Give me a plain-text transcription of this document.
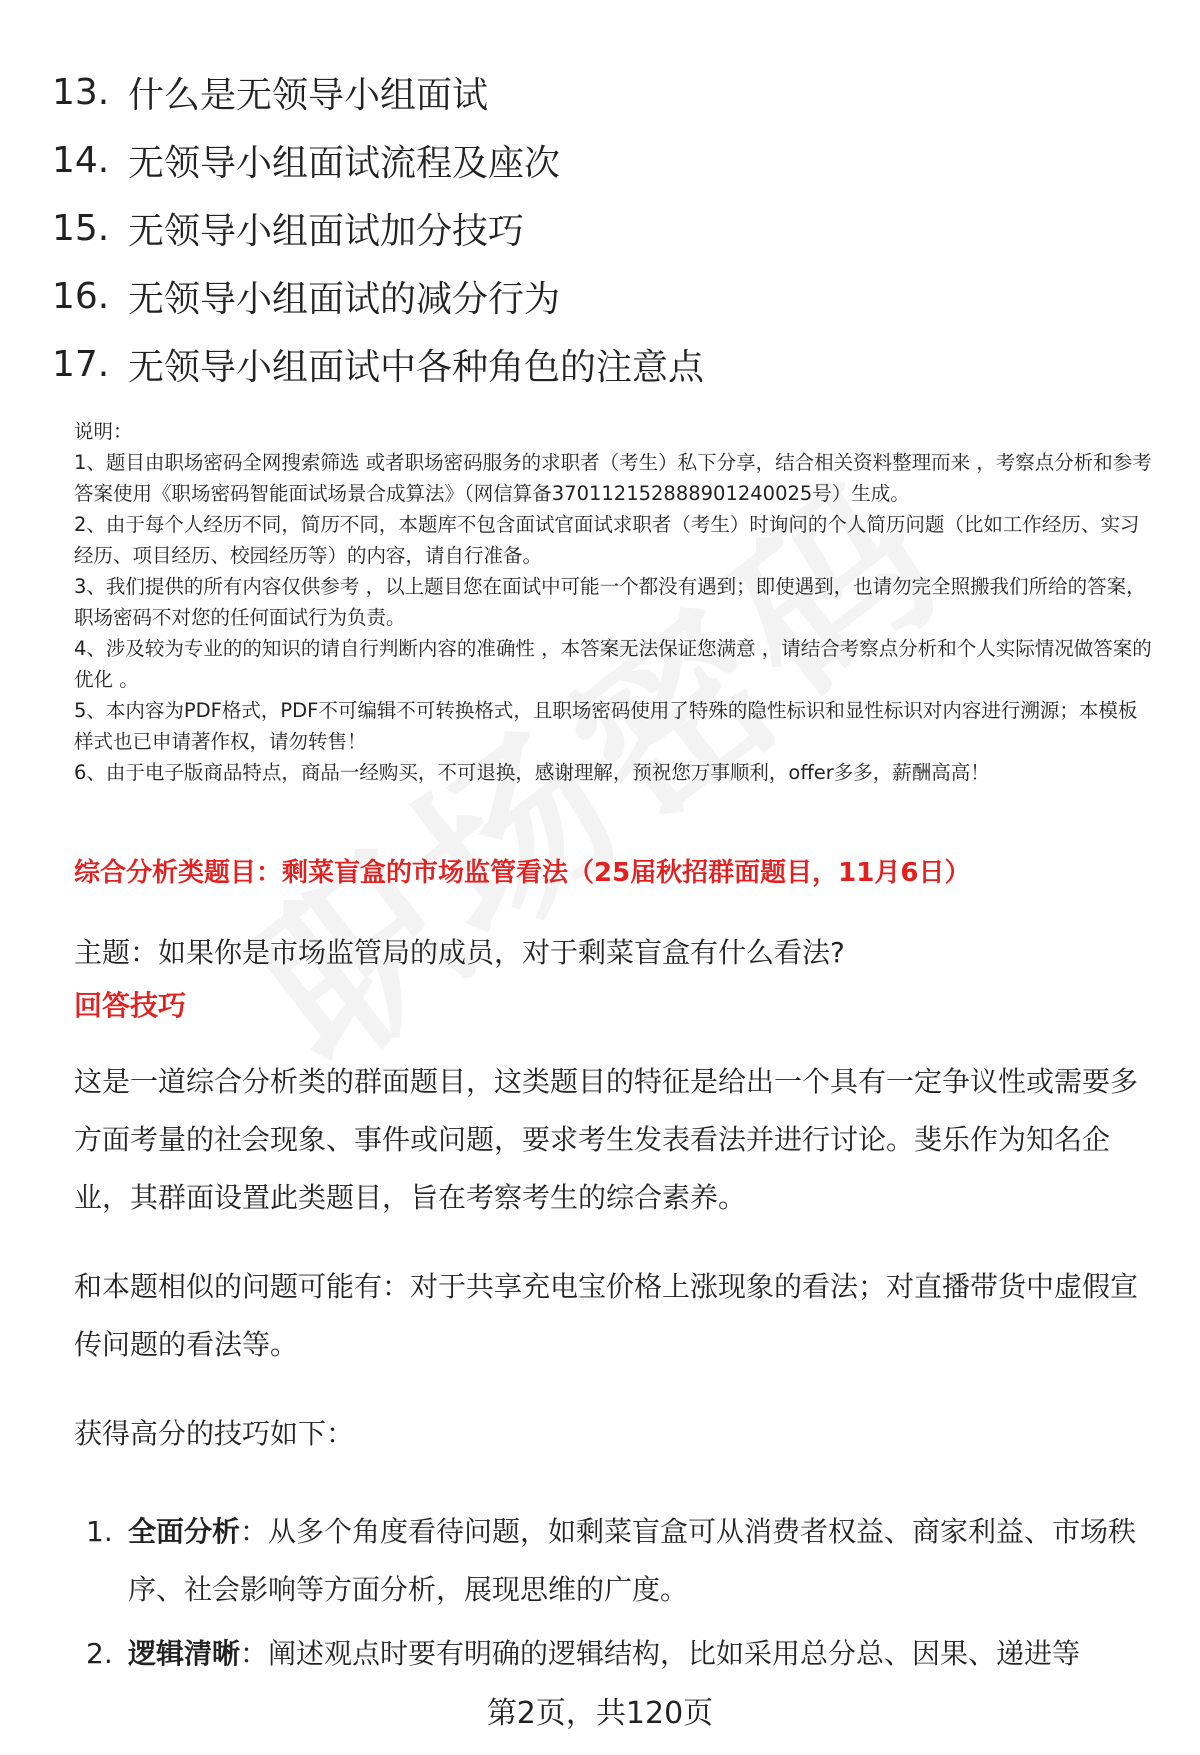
13. 什么是无领导小组面试
14. 无领导小组面试流程及座次
15. 无领导小组面试加分技巧
16. 无领导小组面试的减分行为
17. 无领导小组面试中各种角色的注意点

说明：

1、题目由职场密码全网搜索筛选 或者职场密码服务的求职者（考生）私下分享，结合相关资料整理而来 ，考察点分析和参考答案使用《职场密码智能面试场景合成算法》（网信算备370112152888901240025号）生成。

2、由于每个人经历不同，简历不同，本题库不包含面试官面试求职者（考生）时询问的个人简历问题（比如工作经历、实习经历、项目经历、校园经历等）的内容，请自行准备。

3、我们提供的所有内容仅供参考 ，以上题目您在面试中可能一个都没有遇到；即使遇到，也请勿完全照搬我们所给的答案，职场密码不对您的任何面试行为负责。

4、涉及较为专业的的知识的请自行判断内容的准确性 ，本答案无法保证您满意 ，请结合考察点分析和个人实际情况做答案的优化 。

5、本内容为PDF格式，PDF不可编辑不可转换格式，且职场密码使用了特殊的隐性标识和显性标识对内容进行溯源；本模板样式也已申请著作权，请勿转售！

6、由于电子版商品特点，商品一经购买，不可退换，感谢理解，预祝您万事顺利，offer多多，薪酬高高！

综合分析类题目：剩菜盲盒的市场监管看法（25届秋招群面题目，11月6日）
主题：如果你是市场监管局的成员，对于剩菜盲盒有什么看法?
回答技巧

这是一道综合分析类的群面题目，这类题目的特征是给出一个具有一定争议性或需要多方面考量的社会现象、事件或问题，要求考生发表看法并进行讨论。斐乐作为知名企业，其群面设置此类题目，旨在考察考生的综合素养。

和本题相似的问题可能有：对于共享充电宝价格上涨现象的看法；对直播带货中虚假宣传问题的看法等。

获得高分的技巧如下：

1. 全面分析：从多个角度看待问题，如剩菜盲盒可从消费者权益、商家利益、市场秩序、社会影响等方面分析，展现思维的广度。
2. 逻辑清晰：阐述观点时要有明确的逻辑结构，比如采用总分总、因果、递进等
第2页，共120页
